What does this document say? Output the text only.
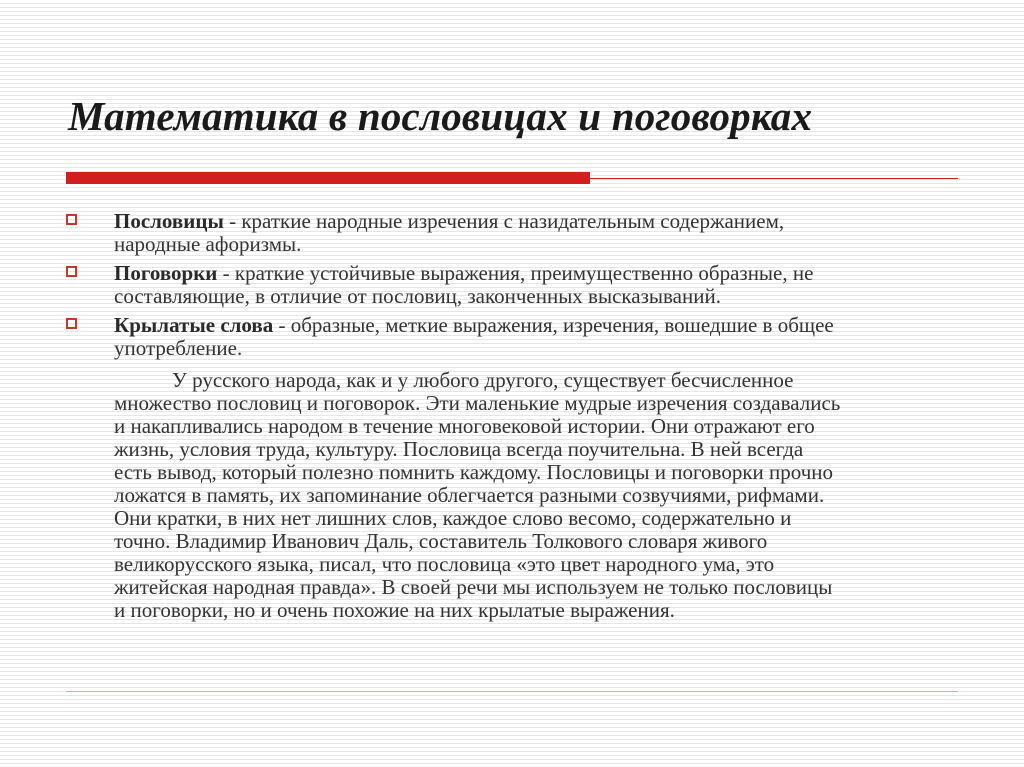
Математика в пословицах и поговорках
Пословицы - краткие народные изречения с назидательным содержанием,
народные афоризмы.
Поговорки - краткие устойчивые выражения, преимущественно образные, не
составляющие, в отличие от пословиц, законченных высказываний.
Крылатые слова - образные, меткие выражения, изречения, вошедшие в общее
употребление.
У русского народа, как и у любого другого, существует бесчисленное
множество пословиц и поговорок. Эти маленькие мудрые изречения создавались
и накапливались народом в течение многовековой истории. Они отражают его
жизнь, условия труда, культуру. Пословица всегда поучительна. В ней всегда
есть вывод, который полезно помнить каждому. Пословицы и поговорки прочно
ложатся в память, их запоминание облегчается разными созвучиями, рифмами.
Они кратки, в них нет лишних слов, каждое слово весомо, содержательно и
точно. Владимир Иванович Даль, составитель Толкового словаря живого
великорусского языка, писал, что пословица «это цвет народного ума, это
житейская народная правда». В своей речи мы используем не только пословицы
и поговорки, но и очень похожие на них крылатые выражения.
